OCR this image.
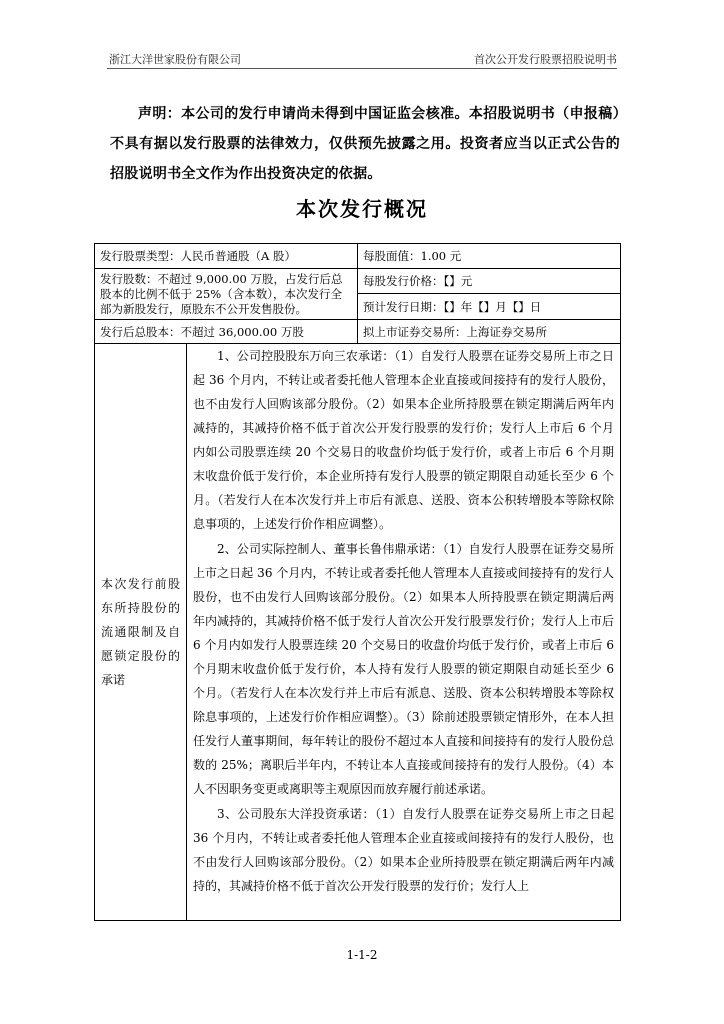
浙江大洋世家股份有限公司	首次公开发行股票招股说明书
声明：本公司的发行申请尚未得到中国证监会核准。本招股说明书（申报稿）不具有据以发行股票的法律效力，仅供预先披露之用。投资者应当以正式公告的招股说明书全文作为作出投资决定的依据。
本次发行概况
发行股票类型：人民币普通股（A 股）		每股面值：1.00 元
发行股数：不超过 9,000.00 万股，占发行后总股本的比例不低于 25%（含本数），本次发行全部为新股发行，原股东不公开发售股份。		每股发行价格：【】元
		预计发行日期：【】年【】月【】日
发行后总股本：不超过 36,000.00 万股		拟上市证券交易所：上海证券交易所
本次发行前股东所持股份的流通限制及自愿锁定股份的承诺	1、公司控股股东万向三农承诺：（1）自发行人股票在证券交易所上市之日起 36 个月内，不转让或者委托他人管理本企业直接或间接持有的发行人股份，也不由发行人回购该部分股份。（2）如果本企业所持股票在锁定期满后两年内减持的，其减持价格不低于首次公开发行股票的发行价；发行人上市后 6 个月内如公司股票连续 20 个交易日的收盘价均低于发行价，或者上市后 6 个月期末收盘价低于发行价，本企业所持有发行人股票的锁定期限自动延长至少 6 个月。（若发行人在本次发行并上市后有派息、送股、资本公积转增股本等除权除息事项的，上述发行价作相应调整）。

2、公司实际控制人、董事长鲁伟鼎承诺：（1）自发行人股票在证券交易所上市之日起 36 个月内，不转让或者委托他人管理本人直接或间接持有的发行人股份，也不由发行人回购该部分股份。（2）如果本人所持股票在锁定期满后两年内减持的，其减持价格不低于发行人首次公开发行股票发行价；发行人上市后 6 个月内如发行人股票连续 20 个交易日的收盘价均低于发行价，或者上市后 6 个月期末收盘价低于发行价，本人持有发行人股票的锁定期限自动延长至少 6 个月。（若发行人在本次发行并上市后有派息、送股、资本公积转增股本等除权除息事项的，上述发行价作相应调整）。（3）除前述股票锁定情形外，在本人担任发行人董事期间，每年转让的股份不超过本人直接和间接持有的发行人股份总数的 25%；离职后半年内，不转让本人直接或间接持有的发行人股份。（4）本人不因职务变更或离职等主观原因而放弃履行前述承诺。

3、公司股东大洋投资承诺：（1）自发行人股票在证券交易所上市之日起 36 个月内，不转让或者委托他人管理本企业直接或间接持有的发行人股份，也不由发行人回购该部分股份。（2）如果本企业所持股票在锁定期满后两年内减持的，其减持价格不低于首次公开发行股票的发行价；发行人上	

1-1-2
